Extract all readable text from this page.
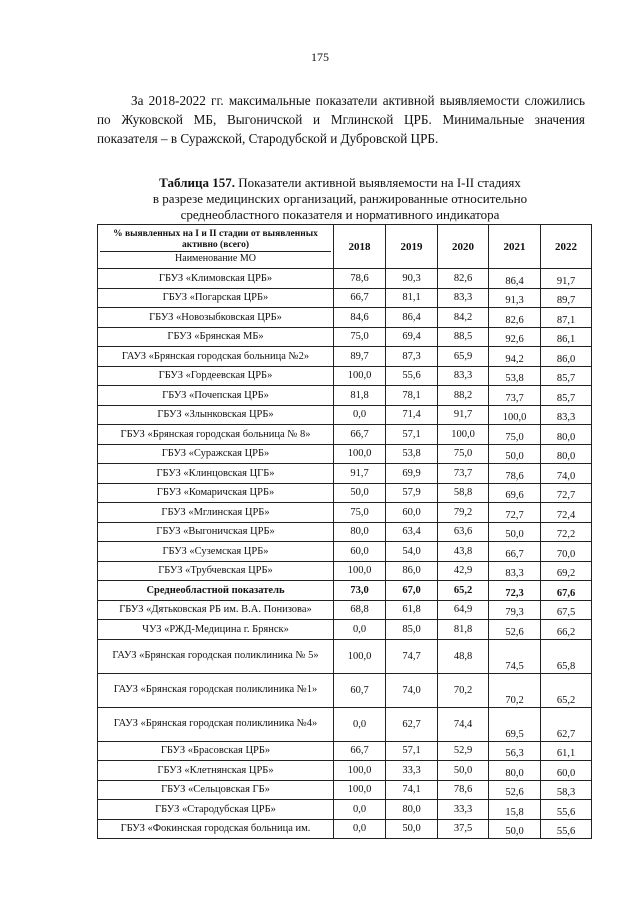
175

За 2018-2022 гг. максимальные показатели активной выявляемости сложились по Жуковской МБ, Выгоничской и Мглинской ЦРБ. Минимальные значения показателя – в Суражской, Стародубской и Дубровской ЦРБ.

Таблица 157. Показатели активной выявляемости на I-II стадиях
в разрезе медицинских организаций, ранжированные относительно
среднеобластного показателя и нормативного индикатора

% выявленных на I и II стадии от выявленных активно (всего)
Наименование МО	2018	2019	2020	2021	2022
ГБУЗ «Климовская ЦРБ»	78,6	90,3	82,6	86,4	91,7
ГБУЗ «Погарская ЦРБ»	66,7	81,1	83,3	91,3	89,7
ГБУЗ «Новозыбковская ЦРБ»	84,6	86,4	84,2	82,6	87,1
ГБУЗ «Брянская МБ»	75,0	69,4	88,5	92,6	86,1
ГАУЗ «Брянская городская больница №2»	89,7	87,3	65,9	94,2	86,0
ГБУЗ «Гордеевская ЦРБ»	100,0	55,6	83,3	53,8	85,7
ГБУЗ «Почепская ЦРБ»	81,8	78,1	88,2	73,7	85,7
ГБУЗ «Злынковская ЦРБ»	0,0	71,4	91,7	100,0	83,3
ГБУЗ «Брянская городская больница № 8»	66,7	57,1	100,0	75,0	80,0
ГБУЗ «Суражская ЦРБ»	100,0	53,8	75,0	50,0	80,0
ГБУЗ «Клинцовская ЦГБ»	91,7	69,9	73,7	78,6	74,0
ГБУЗ «Комаричская ЦРБ»	50,0	57,9	58,8	69,6	72,7
ГБУЗ «Мглинская ЦРБ»	75,0	60,0	79,2	72,7	72,4
ГБУЗ «Выгоничская ЦРБ»	80,0	63,4	63,6	50,0	72,2
ГБУЗ «Суземская ЦРБ»	60,0	54,0	43,8	66,7	70,0
ГБУЗ «Трубчевская ЦРБ»	100,0	86,0	42,9	83,3	69,2
Среднеобластной показатель	73,0	67,0	65,2	72,3	67,6
ГБУЗ «Дятьковская РБ им. В.А. Понизова»	68,8	61,8	64,9	79,3	67,5
ЧУЗ «РЖД-Медицина г. Брянск»	0,0	85,0	81,8	52,6	66,2
ГАУЗ «Брянская городская поликлиника № 5»	100,0	74,7	48,8	74,5	65,8
ГАУЗ «Брянская городская поликлиника №1»	60,7	74,0	70,2	70,2	65,2
ГАУЗ «Брянская городская поликлиника №4»	0,0	62,7	74,4	69,5	62,7
ГБУЗ «Брасовская ЦРБ»	66,7	57,1	52,9	56,3	61,1
ГБУЗ «Клетнянская ЦРБ»	100,0	33,3	50,0	80,0	60,0
ГБУЗ «Сельцовская ГБ»	100,0	74,1	78,6	52,6	58,3
ГБУЗ «Стародубская ЦРБ»	0,0	80,0	33,3	15,8	55,6
ГБУЗ «Фокинская городская больница им.	0,0	50,0	37,5	50,0	55,6
